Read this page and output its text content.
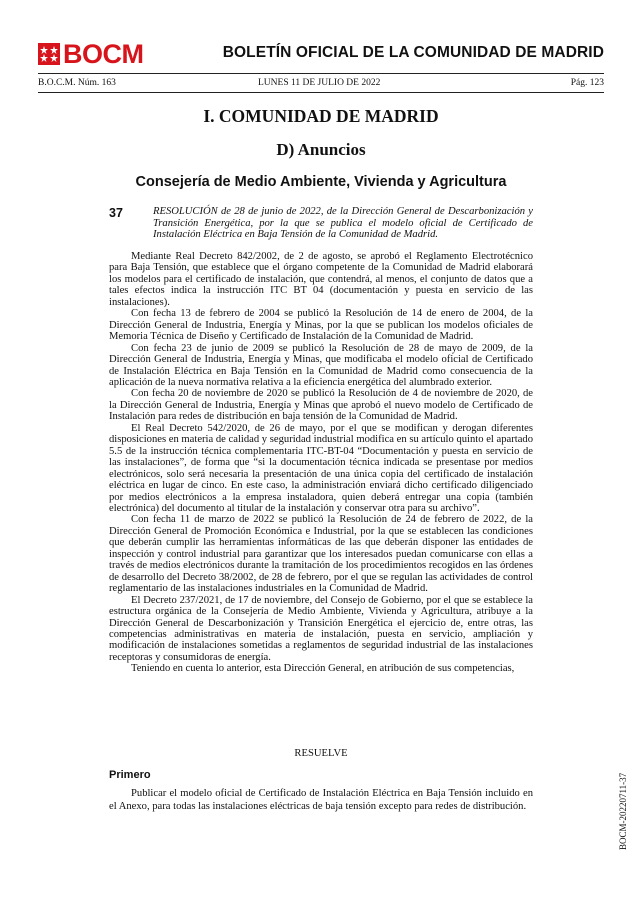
BOCM	BOLETÍN OFICIAL DE LA COMUNIDAD DE MADRID
B.O.C.M. Núm. 163	LUNES 11 DE JULIO DE 2022	Pág. 123
I. COMUNIDAD DE MADRID
D) Anuncios
Consejería de Medio Ambiente, Vivienda y Agricultura
37	RESOLUCIÓN de 28 de junio de 2022, de la Dirección General de Descarbonización y Transición Energética, por la que se publica el modelo oficial de Certificado de Instalación Eléctrica en Baja Tensión de la Comunidad de Madrid.

Mediante Real Decreto 842/2002, de 2 de agosto, se aprobó el Reglamento Electrotécnico para Baja Tensión, que establece que el órgano competente de la Comunidad de Madrid elaborará los modelos para el certificado de instalación, que contendrá, al menos, el conjunto de datos que a tales efectos indica la instrucción ITC BT 04 (documentación y puesta en servicio de las instalaciones).

Con fecha 13 de febrero de 2004 se publicó la Resolución de 14 de enero de 2004, de la Dirección General de Industria, Energía y Minas, por la que se publican los modelos oficiales de Memoria Técnica de Diseño y Certificado de Instalación de la Comunidad de Madrid.

Con fecha 23 de junio de 2009 se publicó la Resolución de 28 de mayo de 2009, de la Dirección General de Industria, Energía y Minas, que modificaba el modelo oficial de Certificado de Instalación Eléctrica en Baja Tensión en la Comunidad de Madrid como consecuencia de la aplicación de la nueva normativa relativa a la eficiencia energética del alumbrado exterior.

Con fecha 20 de noviembre de 2020 se publicó la Resolución de 4 de noviembre de 2020, de la Dirección General de Industria, Energía y Minas que aprobó el nuevo modelo de Certificado de Instalación para redes de distribución en baja tensión de la Comunidad de Madrid.

El Real Decreto 542/2020, de 26 de mayo, por el que se modifican y derogan diferentes disposiciones en materia de calidad y seguridad industrial modifica en su artículo quinto el apartado 5.5 de la instrucción técnica complementaria ITC-BT-04 “Documentación y puesta en servicio de las instalaciones”, de forma que “si la documentación técnica indicada se presentase por medios electrónicos, solo será necesaria la presentación de una única copia del certificado de instalación eléctrica en lugar de cinco. En este caso, la administración enviará dicho certificado diligenciado por medios electrónicos a la empresa instaladora, quien deberá entregar una copia (también electrónica) del documento al titular de la instalación y conservar otra para su archivo”.

Con fecha 11 de marzo de 2022 se publicó la Resolución de 24 de febrero de 2022, de la Dirección General de Promoción Económica e Industrial, por la que se establecen las condiciones que deberán cumplir las herramientas informáticas de las que deberán disponer las entidades de inspección y control industrial para garantizar que los interesados puedan comunicarse con ellas a través de medios electrónicos durante la tramitación de los procedimientos recogidos en las órdenes de desarrollo del Decreto 38/2002, de 28 de febrero, por el que se regulan las actividades de control reglamentario de las instalaciones industriales en la Comunidad de Madrid.

El Decreto 237/2021, de 17 de noviembre, del Consejo de Gobierno, por el que se establece la estructura orgánica de la Consejería de Medio Ambiente, Vivienda y Agricultura, atribuye a la Dirección General de Descarbonización y Transición Energética el ejercicio de, entre otras, las competencias administrativas en materia de instalación, puesta en servicio, ampliación y modificación de instalaciones sometidas a reglamentos de seguridad industrial de las instalaciones receptoras y consumidoras de energía.

Teniendo en cuenta lo anterior, esta Dirección General, en atribución de sus competencias,

RESUELVE
Primero

Publicar el modelo oficial de Certificado de Instalación Eléctrica en Baja Tensión incluido en el Anexo, para todas las instalaciones eléctricas de baja tensión excepto para redes de distribución.	BOCM-20220711-37
